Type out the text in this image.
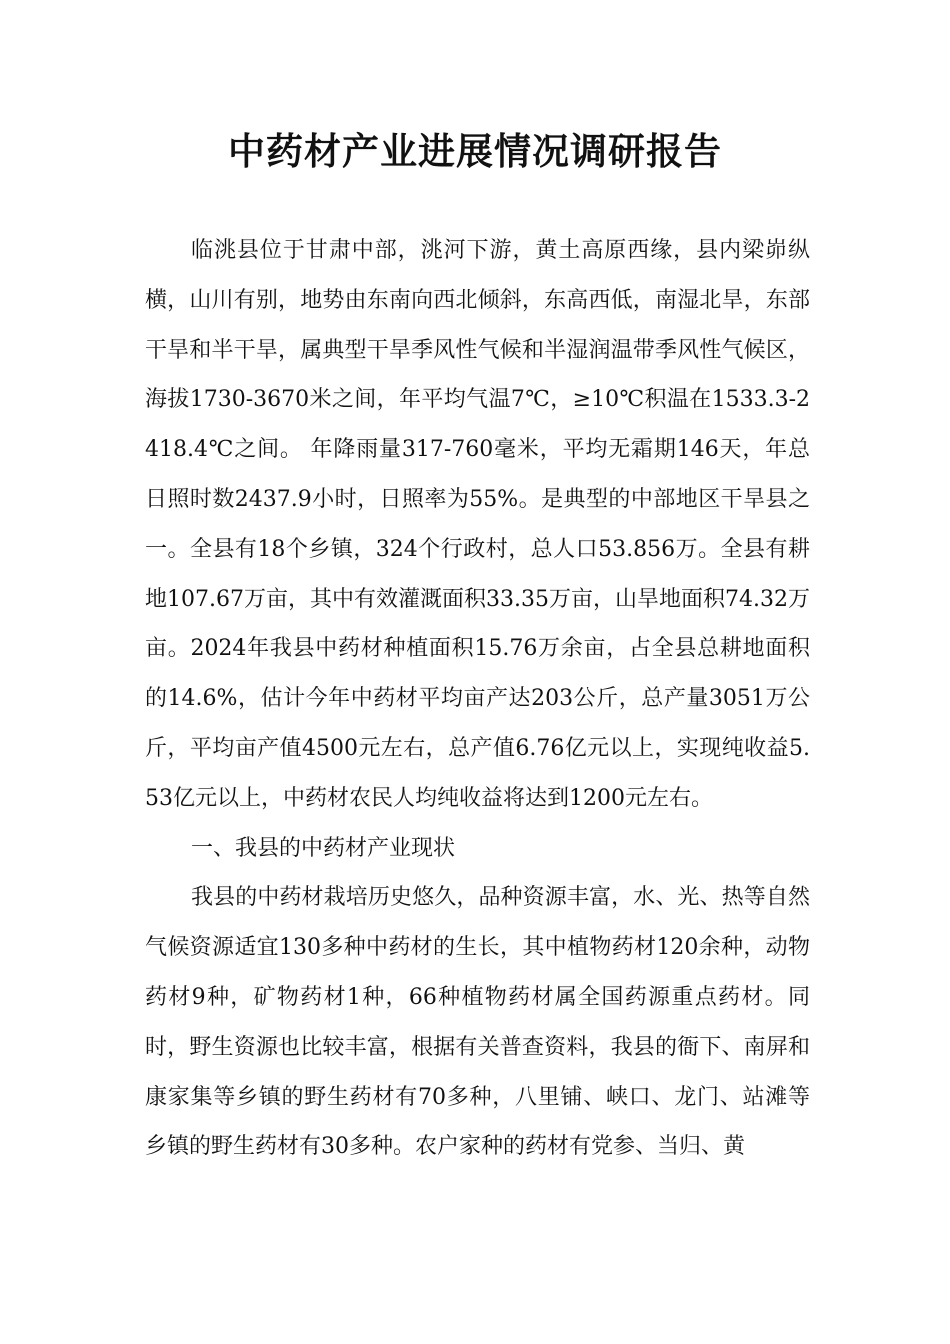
中药材产业进展情况调研报告

临洮县位于甘肃中部，洮河下游，黄土高原西缘，县内梁峁纵横，山川有别，地势由东南向西北倾斜，东高西低，南湿北旱，东部干旱和半干旱，属典型干旱季风性气候和半湿润温带季风性气候区，海拔1730-3670米之间，年平均气温7℃，≥10℃积温在1533.3-2418.4℃之间。 年降雨量317-760毫米，平均无霜期146天，年总日照时数2437.9小时，日照率为55%。是典型的中部地区干旱县之一。全县有18个乡镇，324个行政村，总人口53.856万。全县有耕地107.67万亩，其中有效灌溉面积33.35万亩，山旱地面积74.32万亩。2024年我县中药材种植面积15.76万余亩，占全县总耕地面积的14.6%，估计今年中药材平均亩产达203公斤，总产量3051万公斤，平均亩产值4500元左右，总产值6.76亿元以上，实现纯收益5.53亿元以上，中药材农民人均纯收益将达到1200元左右。

一、我县的中药材产业现状

我县的中药材栽培历史悠久，品种资源丰富，水、光、热等自然气候资源适宜130多种中药材的生长，其中植物药材120余种，动物药材9种，矿物药材1种，66种植物药材属全国药源重点药材。同时，野生资源也比较丰富，根据有关普查资料，我县的衙下、南屏和康家集等乡镇的野生药材有70多种，八里铺、峡口、龙门、站滩等乡镇的野生药材有30多种。农户家种的药材有党参、当归、黄
